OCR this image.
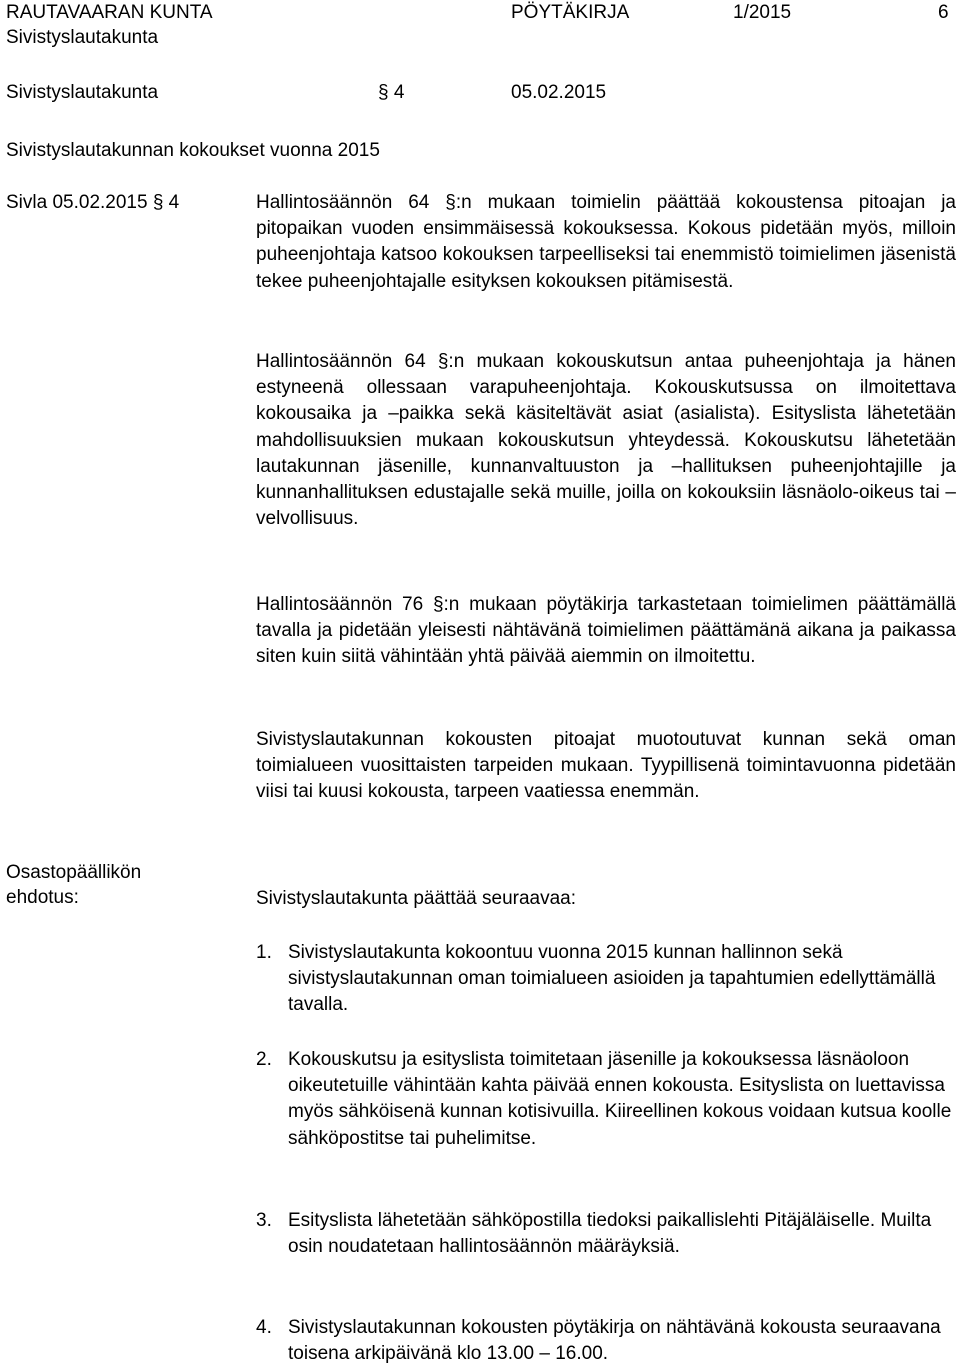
RAUTAVAARAN KUNTA
Sivistyslautakunta
PÖYTÄKIRJA	1/2015	6
Sivistyslautakunta	§ 4	05.02.2015
Sivistyslautakunnan kokoukset vuonna 2015
Sivla 05.02.2015 § 4	Hallintosäännön 64 §:n mukaan toimielin päättää kokoustensa pitoajan ja pitopaikan vuoden ensimmäisessä kokouksessa. Kokous pidetään myös, milloin puheenjohtaja katsoo kokouksen tarpeelliseksi tai enemmistö toimielimen jäsenistä tekee puheenjohtajalle esityksen kokouksen pitämisestä.
Hallintosäännön 64 §:n mukaan kokouskutsun antaa puheenjohtaja ja hänen estyneenä ollessaan varapuheenjohtaja. Kokouskutsussa on ilmoitettava kokousaika ja –paikka sekä käsiteltävät asiat (asialista). Esityslista lähetetään mahdollisuuksien mukaan kokouskutsun yhteydessä. Kokouskutsu lähetetään lautakunnan jäsenille, kunnanvaltuuston ja –hallituksen puheenjohtajille ja kunnanhallituksen edustajalle sekä muille, joilla on kokouksiin läsnäolo-oikeus tai –velvollisuus.
Hallintosäännön 76 §:n mukaan pöytäkirja tarkastetaan toimielimen päättämällä tavalla ja pidetään yleisesti nähtävänä toimielimen päättämänä aikana ja paikassa siten kuin siitä vähintään yhtä päivää aiemmin on ilmoitettu.
Sivistyslautakunnan kokousten pitoajat muotoutuvat kunnan sekä oman toimialueen vuosittaisten tarpeiden mukaan. Tyypillisenä toimintavuonna pidetään viisi tai kuusi kokousta, tarpeen vaatiessa enemmän.
Osastopäällikön
ehdotus:	Sivistyslautakunta päättää seuraavaa:
1. Sivistyslautakunta kokoontuu vuonna 2015 kunnan hallinnon sekä sivistyslautakunnan oman toimialueen asioiden ja tapahtumien edellyttämällä tavalla.
2. Kokouskutsu ja esityslista toimitetaan jäsenille ja kokouksessa läsnäoloon oikeutetuille vähintään kahta päivää ennen kokousta. Esityslista on luettavissa myös sähköisenä kunnan kotisivuilla. Kiireellinen kokous voidaan kutsua koolle sähköpostitse tai puhelimitse.
3. Esityslista lähetetään sähköpostilla tiedoksi paikallislehti Pitäjäläiselle. Muilta osin noudatetaan hallintosäännön määräyksiä.
4. Sivistyslautakunnan kokousten pöytäkirja on nähtävänä kokousta seuraavana toisena arkipäivänä klo 13.00 – 16.00.
